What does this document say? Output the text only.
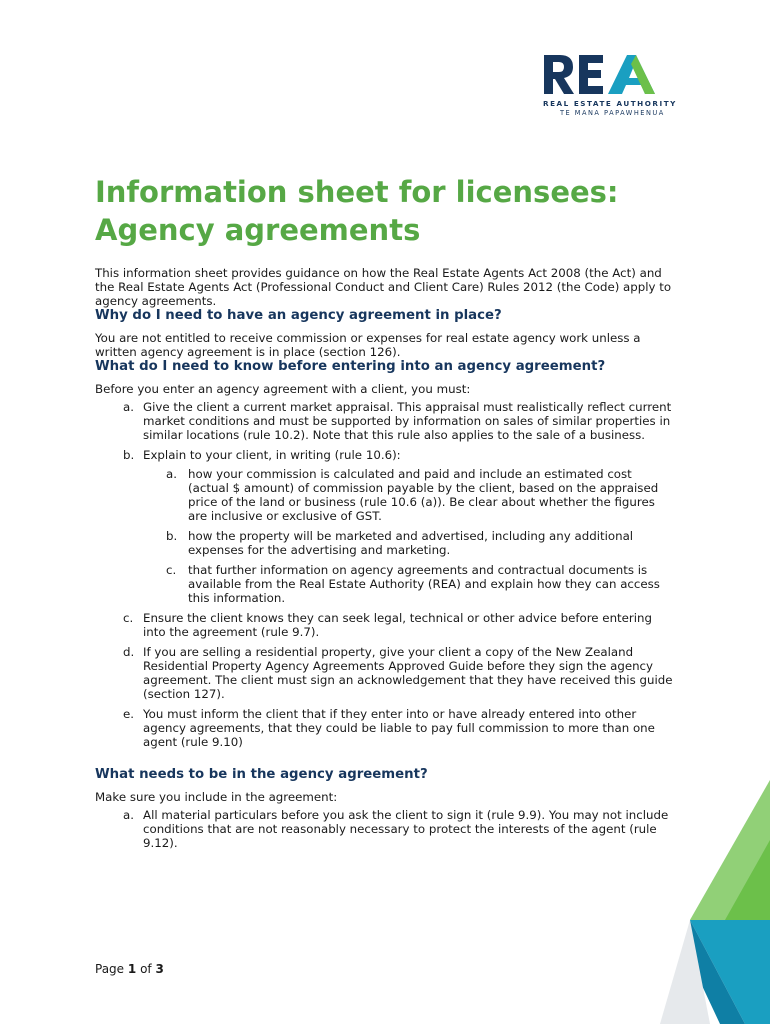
REAL ESTATE AUTHORITY
TE MANA PAPAWHENUA
Information sheet for licensees:
Agency agreements

This information sheet provides guidance on how the Real Estate Agents Act 2008 (the Act) and the Real Estate Agents Act (Professional Conduct and Client Care) Rules 2012 (the Code) apply to agency agreements.

Why do I need to have an agency agreement in place?

You are not entitled to receive commission or expenses for real estate agency work unless a written agency agreement is in place (section 126).

What do I need to know before entering into an agency agreement?

Before you enter an agency agreement with a client, you must:

a. Give the client a current market appraisal. This appraisal must realistically reflect current market conditions and must be supported by information on sales of similar properties in similar locations (rule 10.2). Note that this rule also applies to the sale of a business.
b. Explain to your client, in writing (rule 10.6):
a. how your commission is calculated and paid and include an estimated cost (actual $ amount) of commission payable by the client, based on the appraised price of the land or business (rule 10.6 (a)). Be clear about whether the figures are inclusive or exclusive of GST.
b. how the property will be marketed and advertised, including any additional expenses for the advertising and marketing.
c. that further information on agency agreements and contractual documents is available from the Real Estate Authority (REA) and explain how they can access this information.
c. Ensure the client knows they can seek legal, technical or other advice before entering into the agreement (rule 9.7).
d. If you are selling a residential property, give your client a copy of the New Zealand Residential Property Agency Agreements Approved Guide before they sign the agency agreement. The client must sign an acknowledgement that they have received this guide (section 127).
e. You must inform the client that if they enter into or have already entered into other agency agreements, that they could be liable to pay full commission to more than one agent (rule 9.10)
What needs to be in the agency agreement?

Make sure you include in the agreement:

a. All material particulars before you ask the client to sign it (rule 9.9). You may not include conditions that are not reasonably necessary to protect the interests of the agent (rule 9.12).
Page 1 of 3
